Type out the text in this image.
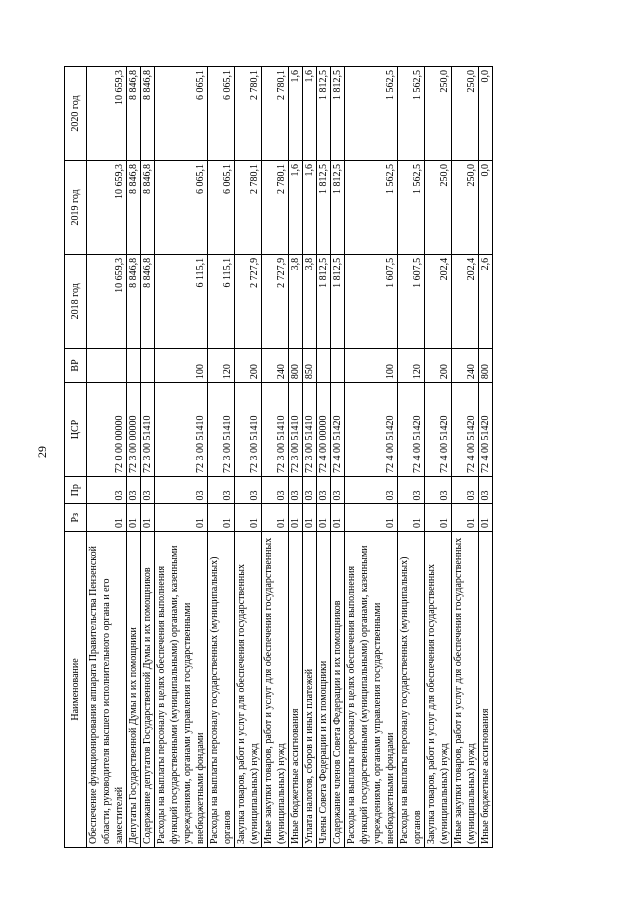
29
Наименование	Рз	Пр	ЦСР	ВР	2018 год	2019 год	2020 год
Обеспечение функционирования аппарата Правительства Пензенской области, руководителя высшего исполнительного органа и его заместителей	01	03	72 0 00 00000		10 659,3	10 659,3	10 659,3
Депутаты Государственной Думы и их помощники	01	03	72 3 00 00000		8 846,8	8 846,8	8 846,8
Содержание депутатов Государственной Думы и их помощников	01	03	72 3 00 51410		8 846,8	8 846,8	8 846,8
Расходы на выплаты персоналу в целях обеспечения выполнения функций государственными (муниципальными) органами, казенными учреждениями, органами управления государственными внебюджетными фондами	01	03	72 3 00 51410	100	6 115,1	6 065,1	6 065,1
Расходы на выплаты персоналу государственных (муниципальных) органов	01	03	72 3 00 51410	120	6 115,1	6 065,1	6 065,1
Закупка товаров, работ и услуг для обеспечения государственных (муниципальных) нужд	01	03	72 3 00 51410	200	2 727,9	2 780,1	2 780,1
Иные закупки товаров, работ и услуг для обеспечения государственных (муниципальных) нужд	01	03	72 3 00 51410	240	2 727,9	2 780,1	2 780,1
Иные бюджетные ассигнования	01	03	72 3 00 51410	800	3,8	1,6	1,6
Уплата налогов, сборов и иных платежей	01	03	72 3 00 51410	850	3,8	1,6	1,6
Члены Совета Федерации и их помощники	01	03	72 4 00 00000		1 812,5	1 812,5	1 812,5
Содержание членов Совета Федерации и их помощников	01	03	72 4 00 51420		1 812,5	1 812,5	1 812,5
Расходы на выплаты персоналу в целях обеспечения выполнения функций государственными (муниципальными) органами, казенными учреждениями, органами управления государственными внебюджетными фондами	01	03	72 4 00 51420	100	1 607,5	1 562,5	1 562,5
Расходы на выплаты персоналу государственных (муниципальных) органов	01	03	72 4 00 51420	120	1 607,5	1 562,5	1 562,5
Закупка товаров, работ и услуг для обеспечения государственных (муниципальных) нужд	01	03	72 4 00 51420	200	202,4	250,0	250,0
Иные закупки товаров, работ и услуг для обеспечения государственных (муниципальных) нужд	01	03	72 4 00 51420	240	202,4	250,0	250,0
Иные бюджетные ассигнования	01	03	72 4 00 51420	800	2,6	0,0	0,0
